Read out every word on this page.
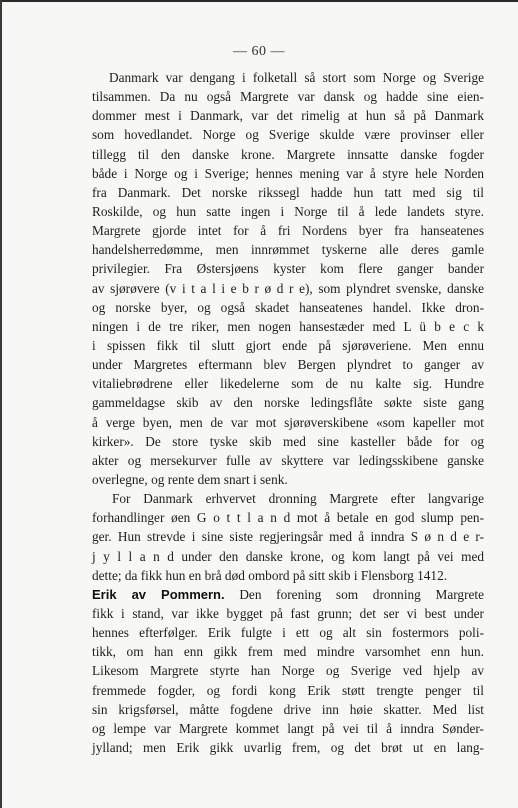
— 60 —
Danmark var dengang i folketall så stort som Norge og Sverige
tilsammen. Da nu også Margrete var dansk og hadde sine eien-
dommer mest i Danmark, var det rimelig at hun så på Danmark
som hovedlandet. Norge og Sverige skulde være provinser eller
tillegg til den danske krone. Margrete innsatte danske fogder
både i Norge og i Sverige; hennes mening var å styre hele Norden
fra Danmark. Det norske rikssegl hadde hun tatt med sig til
Roskilde, og hun satte ingen i Norge til å lede landets styre.
Margrete gjorde intet for å fri Nordens byer fra hanseatenes
handelsherredømme, men innrømmet tyskerne alle deres gamle
privilegier. Fra Østersjøens kyster kom flere ganger bander
av sjørøvere (v i t a l i e b r ø d r e), som plyndret svenske, danske
og norske byer, og også skadet hanseatenes handel. Ikke dron-
ningen i de tre riker, men nogen hansestæder med L ü b e c k
i spissen fikk til slutt gjort ende på sjørøveriene. Men ennu
under Margretes eftermann blev Bergen plyndret to ganger av
vitaliebrødrene eller likedelerne som de nu kalte sig. Hundre
gammeldagse skib av den norske ledingsflåte søkte siste gang
å verge byen, men de var mot sjørøverskibene «som kapeller mot
kirker». De store tyske skib med sine kasteller både for og
akter og mersekurver fulle av skyttere var ledingsskibene ganske
overlegne, og rente dem snart i senk.
For Danmark erhvervet dronning Margrete efter langvarige
forhandlinger øen G o t t l a n d mot å betale en god slump pen-
ger. Hun strevde i sine siste regjeringsår med å inndra S ø n d e r-
j y l l a n d under den danske krone, og kom langt på vei med
dette; da fikk hun en brå død ombord på sitt skib i Flensborg 1412.
Erik av Pommern. Den forening som dronning Margrete
fikk i stand, var ikke bygget på fast grunn; det ser vi best under
hennes efterfølger. Erik fulgte i ett og alt sin fostermors poli-
tikk, om han enn gikk frem med mindre varsomhet enn hun.
Likesom Margrete styrte han Norge og Sverige ved hjelp av
fremmede fogder, og fordi kong Erik støtt trengte penger til
sin krigsførsel, måtte fogdene drive inn høie skatter. Med list
og lempe var Margrete kommet langt på vei til å inndra Sønder-
jylland; men Erik gikk uvarlig frem, og det brøt ut en lang-
